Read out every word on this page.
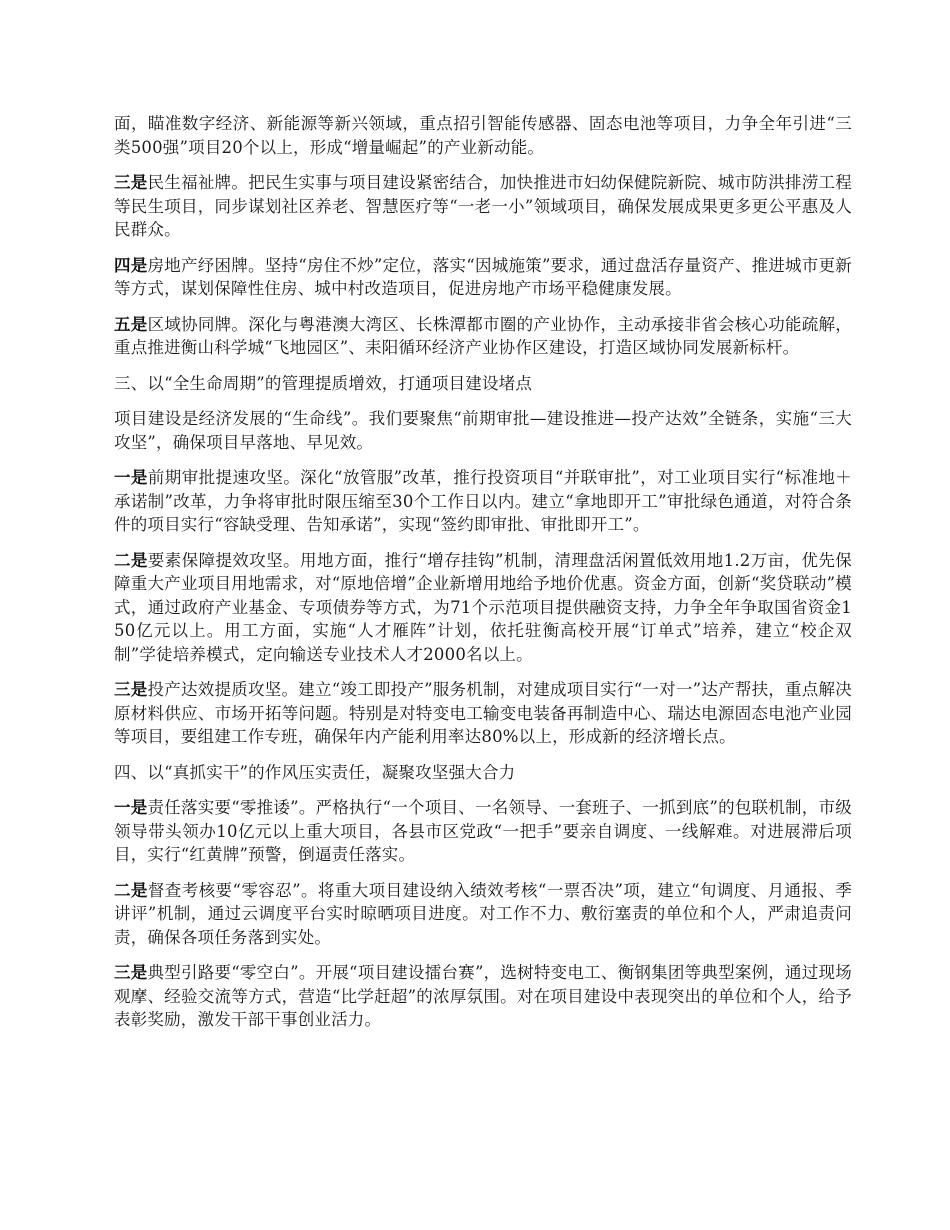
面，瞄准数字经济、新能源等新兴领域，重点招引智能传感器、固态电池等项目，力争全年引进“三类500强”项目20个以上，形成“增量崛起”的产业新动能。

三是民生福祉牌。把民生实事与项目建设紧密结合，加快推进市妇幼保健院新院、城市防洪排涝工程等民生项目，同步谋划社区养老、智慧医疗等“一老一小”领域项目，确保发展成果更多更公平惠及人民群众。

四是房地产纾困牌。坚持“房住不炒”定位，落实“因城施策”要求，通过盘活存量资产、推进城市更新等方式，谋划保障性住房、城中村改造项目，促进房地产市场平稳健康发展。

五是区域协同牌。深化与粤港澳大湾区、长株潭都市圈的产业协作，主动承接非省会核心功能疏解，重点推进衡山科学城“飞地园区”、耒阳循环经济产业协作区建设，打造区域协同发展新标杆。

三、以“全生命周期”的管理提质增效，打通项目建设堵点

项目建设是经济发展的“生命线”。我们要聚焦“前期审批—建设推进—投产达效”全链条，实施“三大攻坚”，确保项目早落地、早见效。

一是前期审批提速攻坚。深化“放管服”改革，推行投资项目“并联审批”，对工业项目实行“标准地＋承诺制”改革，力争将审批时限压缩至30个工作日以内。建立“拿地即开工”审批绿色通道，对符合条件的项目实行“容缺受理、告知承诺”，实现“签约即审批、审批即开工”。

二是要素保障提效攻坚。用地方面，推行“增存挂钩”机制，清理盘活闲置低效用地1.2万亩，优先保障重大产业项目用地需求，对“原地倍增”企业新增用地给予地价优惠。资金方面，创新“奖贷联动”模式，通过政府产业基金、专项债券等方式，为71个示范项目提供融资支持，力争全年争取国省资金150亿元以上。用工方面，实施“人才雁阵”计划，依托驻衡高校开展“订单式”培养，建立“校企双制”学徒培养模式，定向输送专业技术人才2000名以上。

三是投产达效提质攻坚。建立“竣工即投产”服务机制，对建成项目实行“一对一”达产帮扶，重点解决原材料供应、市场开拓等问题。特别是对特变电工输变电装备再制造中心、瑞达电源固态电池产业园等项目，要组建工作专班，确保年内产能利用率达80%以上，形成新的经济增长点。

四、以“真抓实干”的作风压实责任，凝聚攻坚强大合力

一是责任落实要“零推诿”。严格执行“一个项目、一名领导、一套班子、一抓到底”的包联机制，市级领导带头领办10亿元以上重大项目，各县市区党政“一把手”要亲自调度、一线解难。对进展滞后项目，实行“红黄牌”预警，倒逼责任落实。

二是督查考核要“零容忍”。将重大项目建设纳入绩效考核“一票否决”项，建立“旬调度、月通报、季讲评”机制，通过云调度平台实时晾晒项目进度。对工作不力、敷衍塞责的单位和个人，严肃追责问责，确保各项任务落到实处。

三是典型引路要“零空白”。开展“项目建设擂台赛”，选树特变电工、衡钢集团等典型案例，通过现场观摩、经验交流等方式，营造“比学赶超”的浓厚氛围。对在项目建设中表现突出的单位和个人，给予表彰奖励，激发干部干事创业活力。
